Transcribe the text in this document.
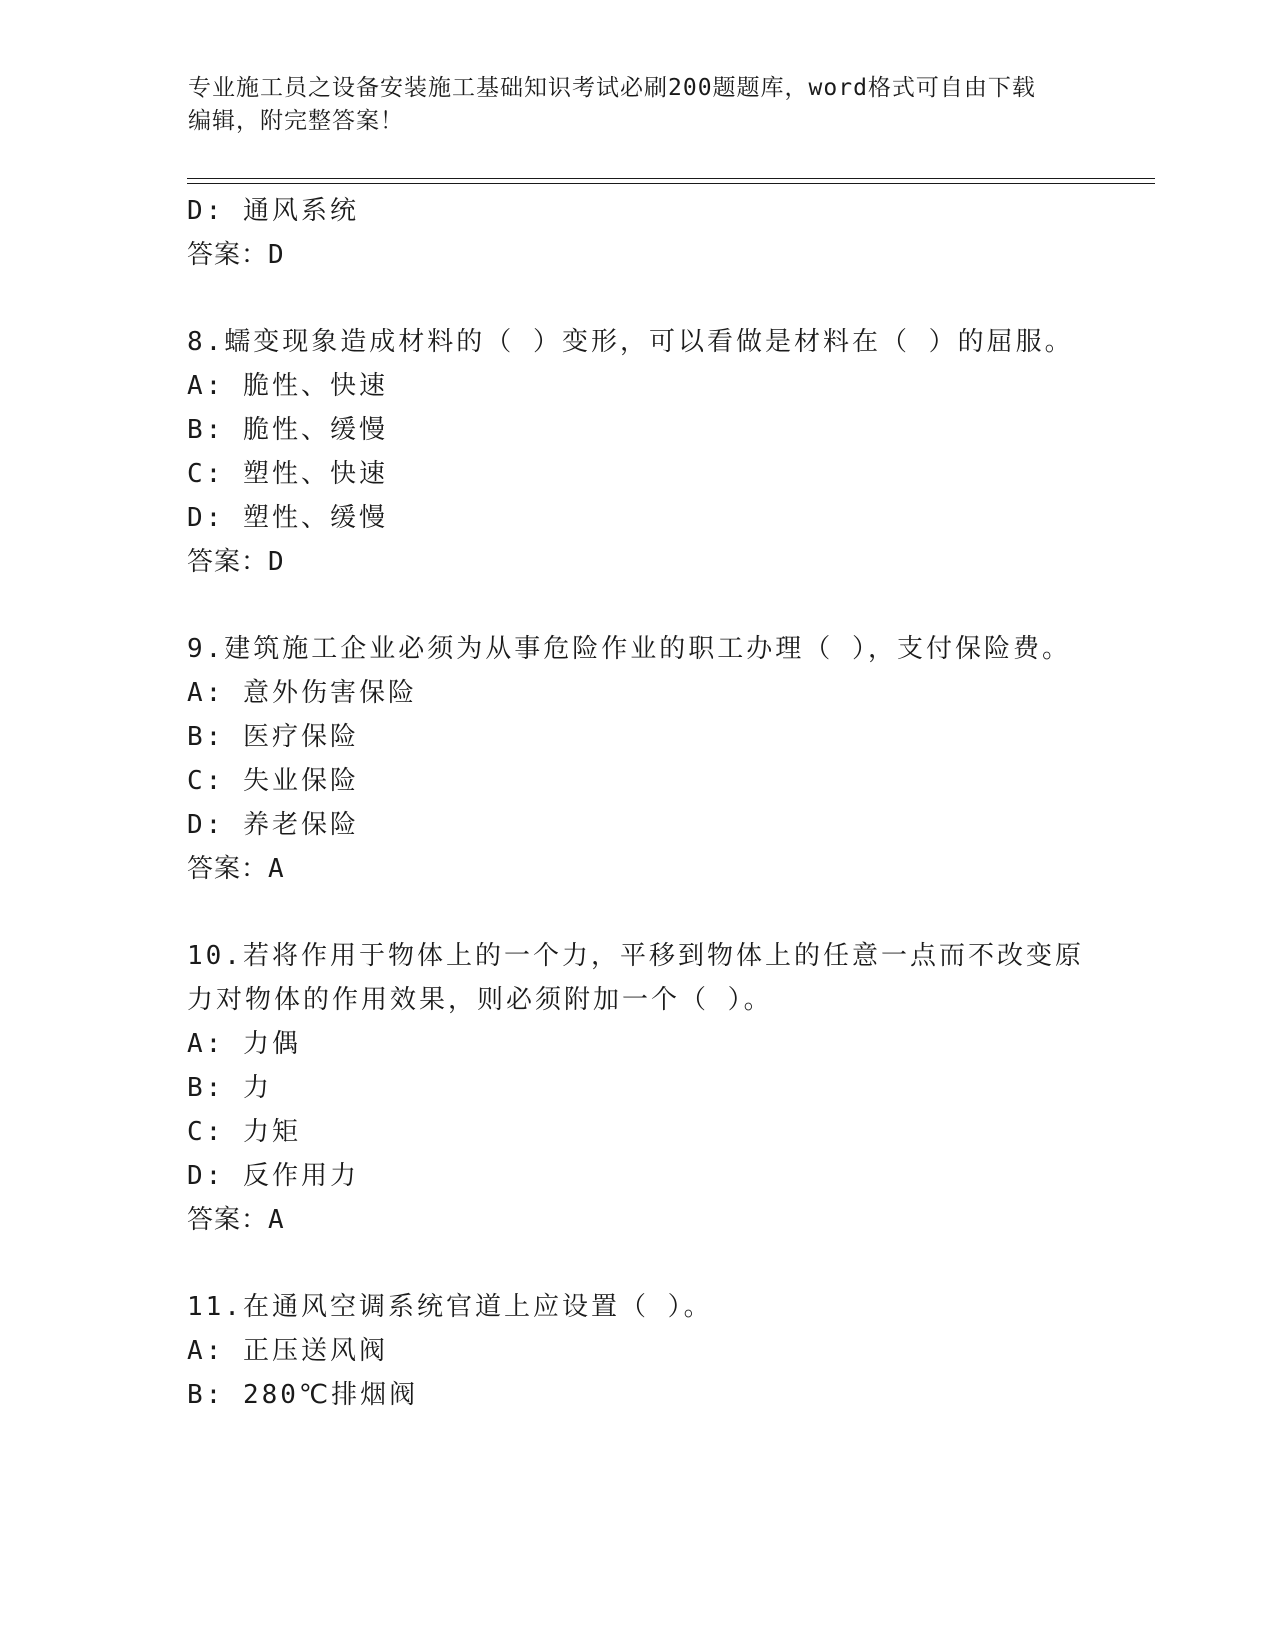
专业施工员之设备安装施工基础知识考试必刷200题题库，word格式可自由下载
编辑，附完整答案！
D: 通风系统
答案：D
8.蠕变现象造成材料的（ ）变形，可以看做是材料在（ ）的屈服。
A: 脆性、快速
B: 脆性、缓慢
C: 塑性、快速
D: 塑性、缓慢
答案：D
9.建筑施工企业必须为从事危险作业的职工办理（ ），支付保险费。
A: 意外伤害保险
B: 医疗保险
C: 失业保险
D: 养老保险
答案：A
10.若将作用于物体上的一个力，平移到物体上的任意一点而不改变原
力对物体的作用效果，则必须附加一个（ ）。
A: 力偶
B: 力
C: 力矩
D: 反作用力
答案：A
11.在通风空调系统官道上应设置（ ）。
A: 正压送风阀
B: 280℃排烟阀
